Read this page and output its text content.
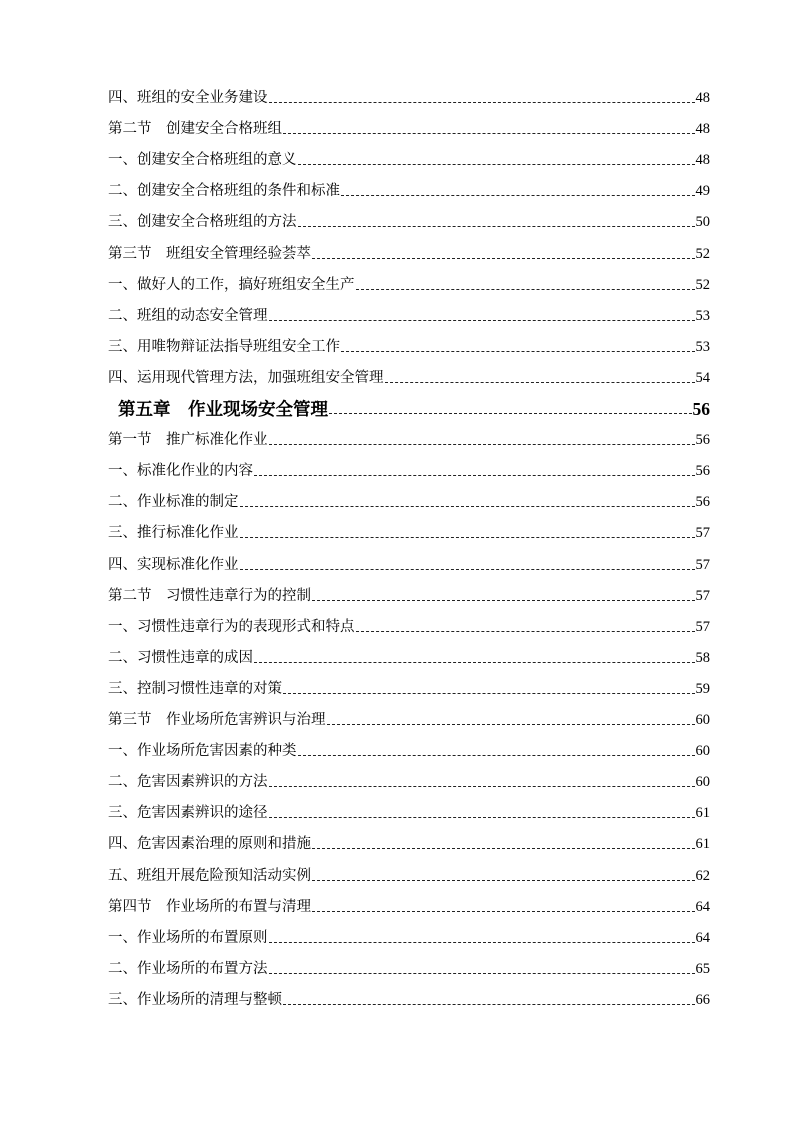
四、班组的安全业务建设	48
第二节　创建安全合格班组	48
一、创建安全合格班组的意义	48
二、创建安全合格班组的条件和标准	49
三、创建安全合格班组的方法	50
第三节　班组安全管理经验荟萃	52
一、做好人的工作，搞好班组安全生产	52
二、班组的动态安全管理	53
三、用唯物辩证法指导班组安全工作	53
四、运用现代管理方法，加强班组安全管理	54
第五章　作业现场安全管理	56
第一节　推广标准化作业	56
一、标准化作业的内容	56
二、作业标准的制定	56
三、推行标准化作业	57
四、实现标准化作业	57
第二节　习惯性违章行为的控制	57
一、习惯性违章行为的表现形式和特点	57
二、习惯性违章的成因	58
三、控制习惯性违章的对策	59
第三节　作业场所危害辨识与治理	60
一、作业场所危害因素的种类	60
二、危害因素辨识的方法	60
三、危害因素辨识的途径	61
四、危害因素治理的原则和措施	61
五、班组开展危险预知活动实例	62
第四节　作业场所的布置与清理	64
一、作业场所的布置原则	64
二、作业场所的布置方法	65
三、作业场所的清理与整顿	66
